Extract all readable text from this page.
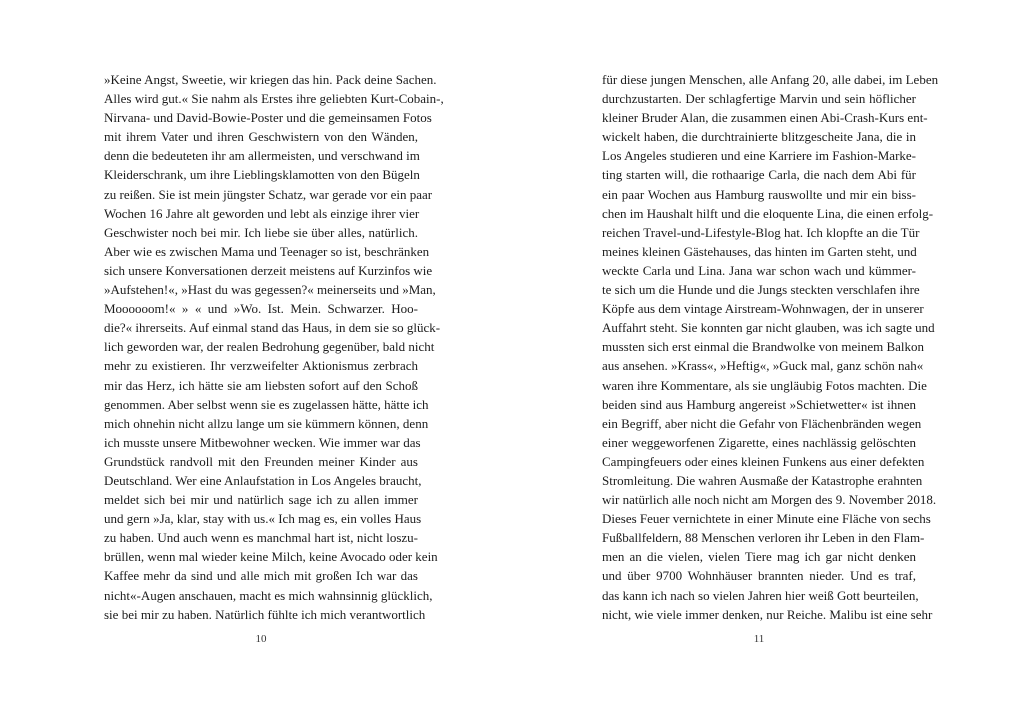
»Keine Angst, Sweetie, wir kriegen das hin. Pack deine Sachen.
Alles wird gut.« Sie nahm als Erstes ihre geliebten Kurt-Cobain-,
Nirvana- und David-Bowie-Poster und die gemeinsamen Fotos
mit ihrem Vater und ihren Geschwistern von den Wänden,
denn die bedeuteten ihr am allermeisten, und verschwand im
Kleiderschrank, um ihre Lieblingsklamotten von den Bügeln
zu reißen. Sie ist mein jüngster Schatz, war gerade vor ein paar
Wochen 16 Jahre alt geworden und lebt als einzige ihrer vier
Geschwister noch bei mir. Ich liebe sie über alles, natürlich.
Aber wie es zwischen Mama und Teenager so ist, beschränken
sich unsere Konversationen derzeit meistens auf Kurzinfos wie
»Aufstehen!«, »Hast du was gegessen?« meinerseits und »Man,
Moooooom!« » « und »Wo. Ist. Mein. Schwarzer. Hoo-
die?« ihrerseits. Auf einmal stand das Haus, in dem sie so glück-
lich geworden war, der realen Bedrohung gegenüber, bald nicht
mehr zu existieren. Ihr verzweifelter Aktionismus zerbrach
mir das Herz, ich hätte sie am liebsten sofort auf den Schoß
genommen. Aber selbst wenn sie es zugelassen hätte, hätte ich
mich ohnehin nicht allzu lange um sie kümmern können, denn
ich musste unsere Mitbewohner wecken. Wie immer war das
Grundstück randvoll mit den Freunden meiner Kinder aus
Deutschland. Wer eine Anlaufstation in Los Angeles braucht,
meldet sich bei mir und natürlich sage ich zu allen immer
und gern »Ja, klar, stay with us.« Ich mag es, ein volles Haus
zu haben. Und auch wenn es manchmal hart ist, nicht loszu-
brüllen, wenn mal wieder keine Milch, keine Avocado oder kein
Kaffee mehr da sind und alle mich mit großen Ich war das
nicht«-Augen anschauen, macht es mich wahnsinnig glücklich,
sie bei mir zu haben. Natürlich fühlte ich mich verantwortlich
10
für diese jungen Menschen, alle Anfang 20, alle dabei, im Leben
durchzustarten. Der schlagfertige Marvin und sein höflicher
kleiner Bruder Alan, die zusammen einen Abi-Crash-Kurs ent-
wickelt haben, die durchtrainierte blitzgescheite Jana, die in
Los Angeles studieren und eine Karriere im Fashion-Marke-
ting starten will, die rothaarige Carla, die nach dem Abi für
ein paar Wochen aus Hamburg rauswollte und mir ein biss-
chen im Haushalt hilft und die eloquente Lina, die einen erfolg-
reichen Travel-und-Lifestyle-Blog hat. Ich klopfte an die Tür
meines kleinen Gästehauses, das hinten im Garten steht, und
weckte Carla und Lina. Jana war schon wach und kümmer-
te sich um die Hunde und die Jungs steckten verschlafen ihre
Köpfe aus dem vintage Airstream-Wohnwagen, der in unserer
Auffahrt steht. Sie konnten gar nicht glauben, was ich sagte und
mussten sich erst einmal die Brandwolke von meinem Balkon
aus ansehen. »Krass«, »Heftig«, »Guck mal, ganz schön nah«
waren ihre Kommentare, als sie ungläubig Fotos machten. Die
beiden sind aus Hamburg angereist »Schietwetter« ist ihnen
ein Begriff, aber nicht die Gefahr von Flächenbränden wegen
einer weggeworfenen Zigarette, eines nachlässig gelöschten
Campingfeuers oder eines kleinen Funkens aus einer defekten
Stromleitung. Die wahren Ausmaße der Katastrophe erahnten
wir natürlich alle noch nicht am Morgen des 9. November 2018.
Dieses Feuer vernichtete in einer Minute eine Fläche von sechs
Fußballfeldern, 88 Menschen verloren ihr Leben in den Flam-
men an die vielen, vielen Tiere mag ich gar nicht denken
und über 9700 Wohnhäuser brannten nieder. Und es traf,
das kann ich nach so vielen Jahren hier weiß Gott beurteilen,
nicht, wie viele immer denken, nur Reiche. Malibu ist eine sehr
11
